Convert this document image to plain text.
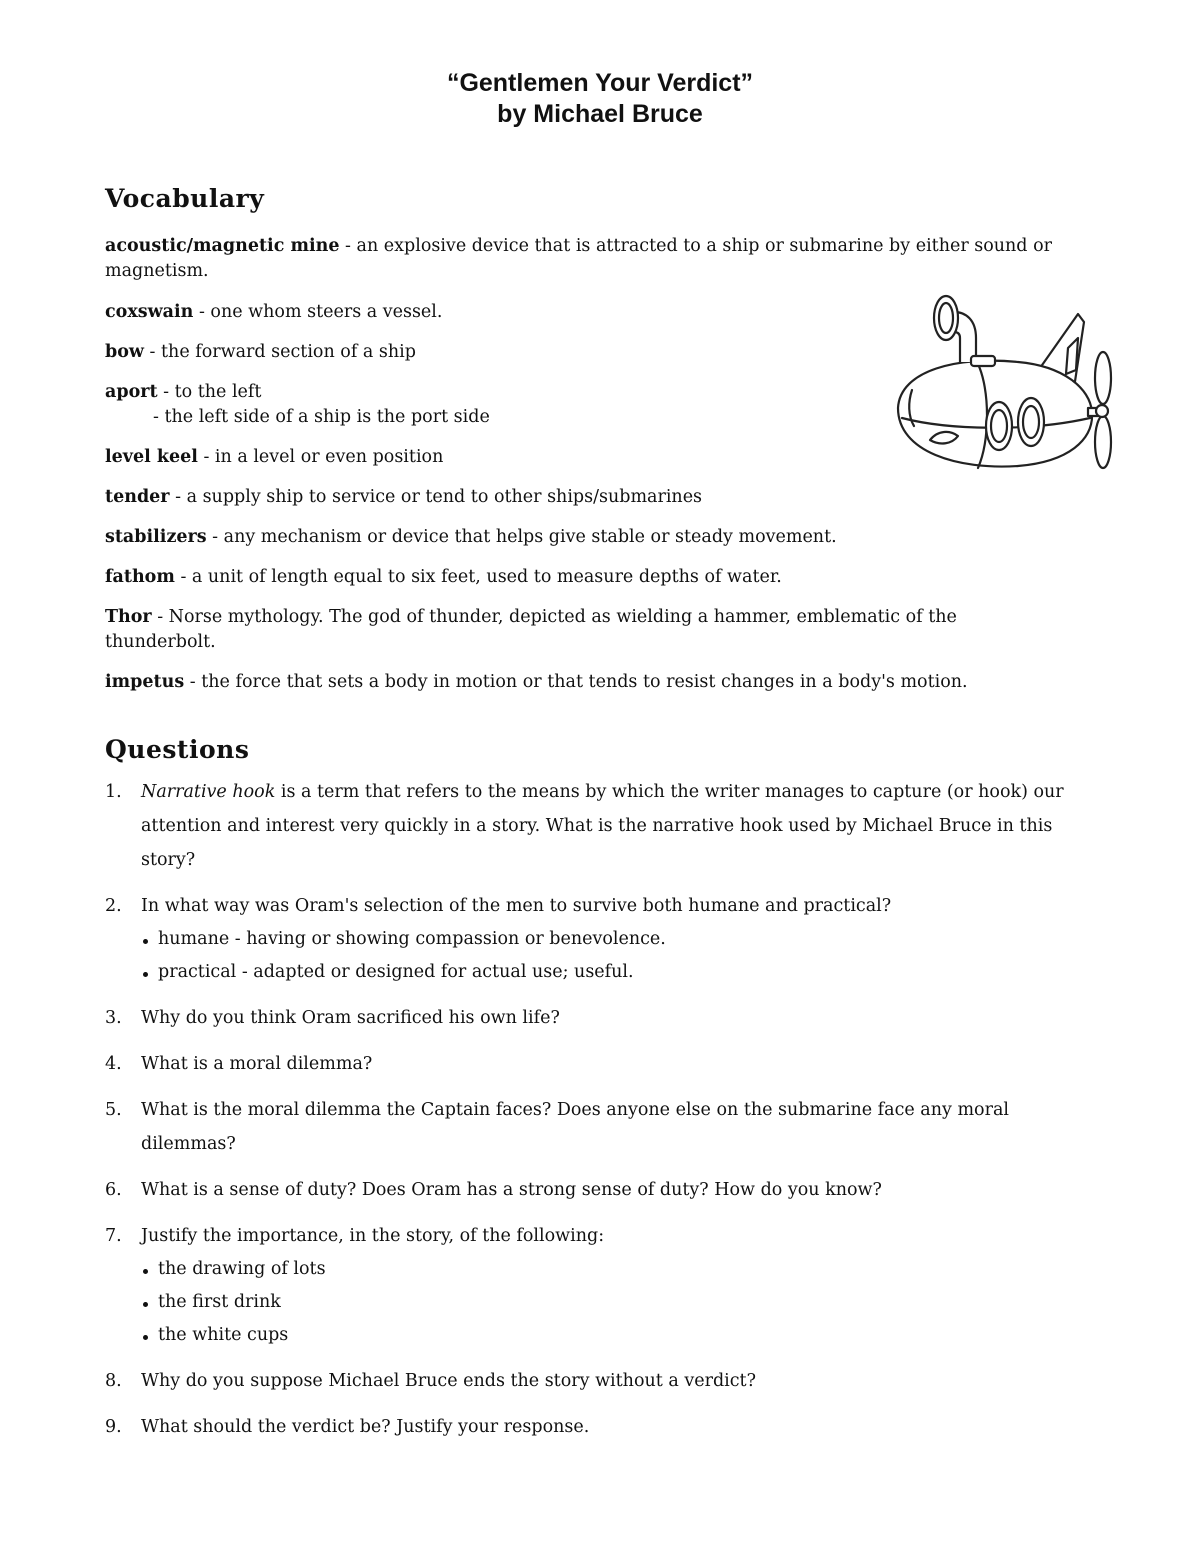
“Gentlemen Your Verdict”
by Michael Bruce
Vocabulary
acoustic/magnetic mine - an explosive device that is attracted to a ship or submarine by either sound or magnetism.
coxswain - one whom steers a vessel.
bow - the forward section of a ship
aport - to the left
- the left side of a ship is the port side
level keel - in a level or even position
tender - a supply ship to service or tend to other ships/submarines
stabilizers - any mechanism or device that helps give stable or steady movement.
fathom - a unit of length equal to six feet, used to measure depths of water.
Thor - Norse mythology. The god of thunder, depicted as wielding a hammer, emblematic of the thunderbolt.
impetus - the force that sets a body in motion or that tends to resist changes in a body's motion.
Questions
1. Narrative hook is a term that refers to the means by which the writer manages to capture (or hook) our attention and interest very quickly in a story. What is the narrative hook used by Michael Bruce in this story?
2. In what way was Oram's selection of the men to survive both humane and practical?
humane - having or showing compassion or benevolence.
practical - adapted or designed for actual use; useful.
3. Why do you think Oram sacrificed his own life?
4. What is a moral dilemma?
5. What is the moral dilemma the Captain faces? Does anyone else on the submarine face any moral dilemmas?
6. What is a sense of duty? Does Oram has a strong sense of duty? How do you know?
7. Justify the importance, in the story, of the following:
the drawing of lots
the first drink
the white cups
8. Why do you suppose Michael Bruce ends the story without a verdict?
9. What should the verdict be? Justify your response.
